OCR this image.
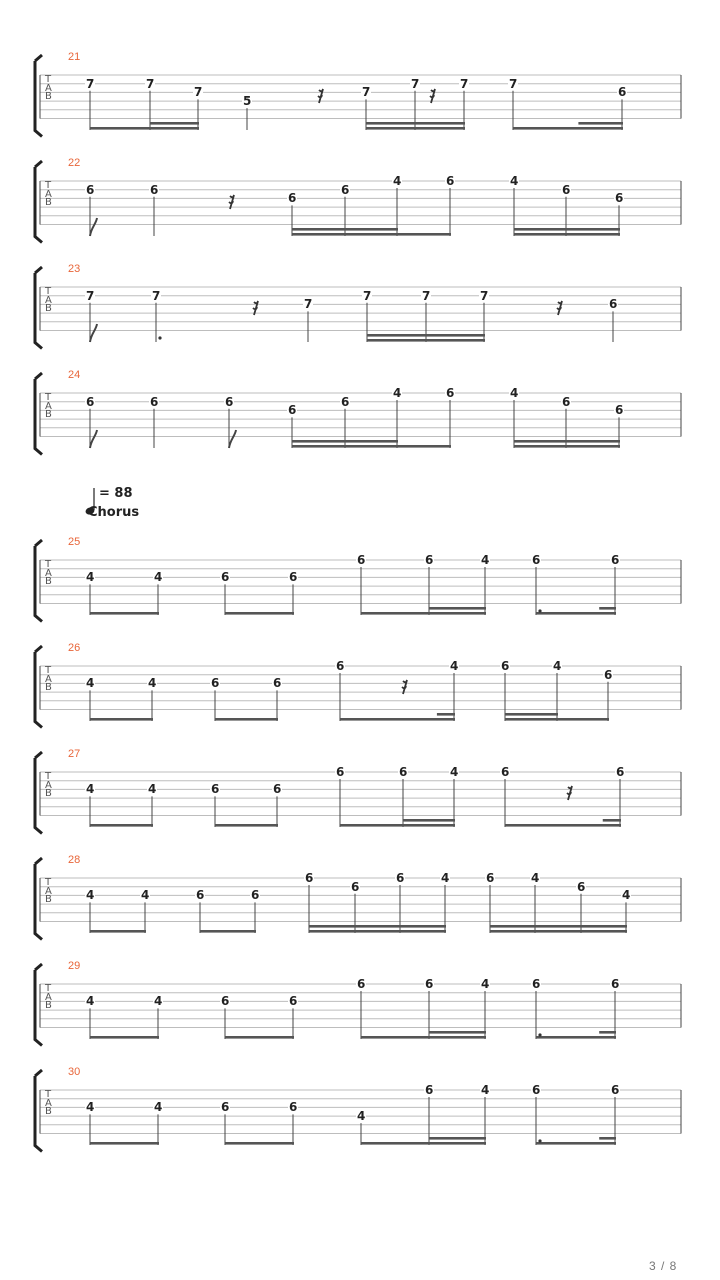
= 88
Chorus
T
A
B
21
7	7
7
5
7
7	7	7
6
T
A
B
22
6	6
6
6
4	6	4
6
6
T
A
B
23
7	7
7
7	7	7
6
T
A
B
24
6	6	6
6
6
4	6	4
6
6
T
A
B
25
4	4	6	6
6	6	4	6	6
T
A
B
26
4	4	6	6
6	4	6	4
6
T
A
B
27
4	4	6	6
6	6	4	6	6
T
A
B
28
4	4	6	6
6
6
6	4	6	4
6
4
T
A
B
29
4	4	6	6
6	6	4	6	6
T
A
B
30
4	4	6	6
4
6	4	6	6
3 / 8
